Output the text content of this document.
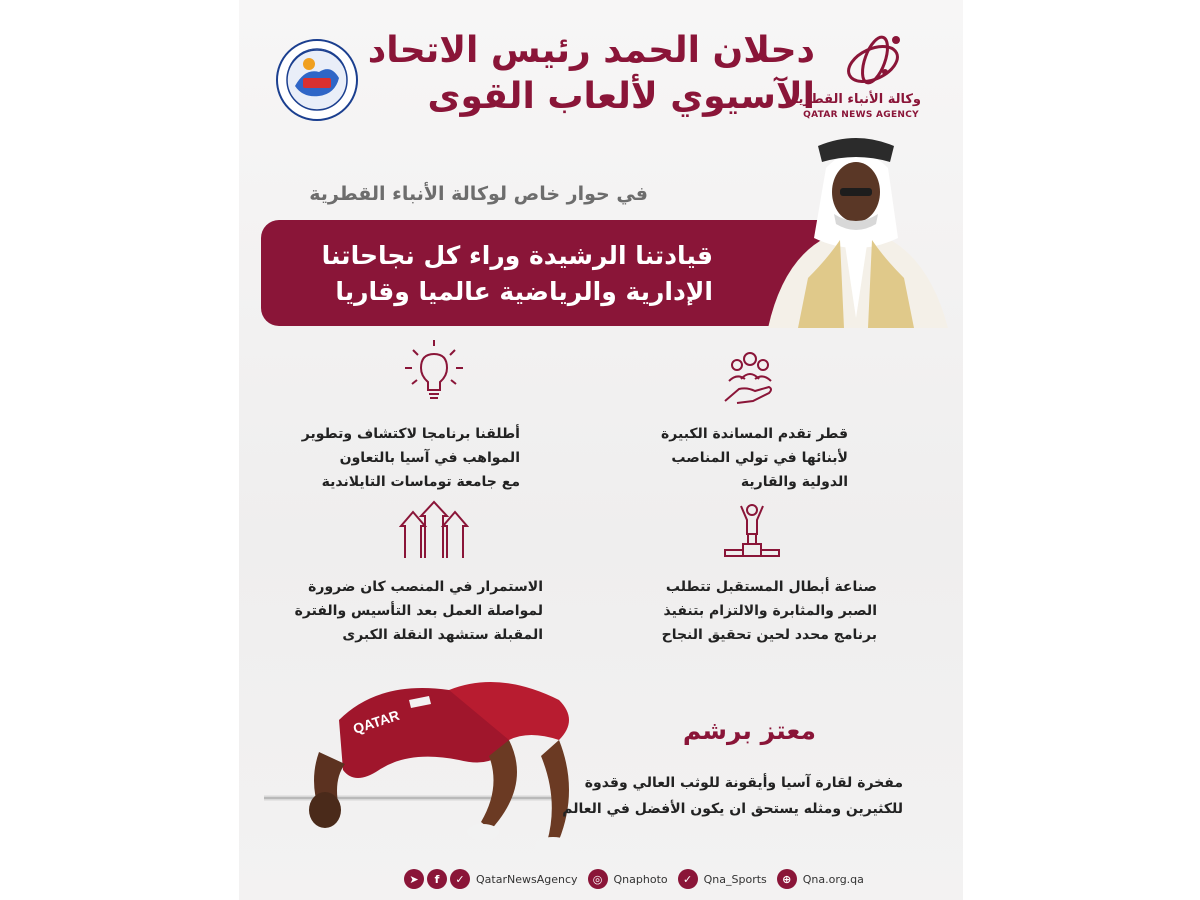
وكالة الأنباء القطرية
QATAR NEWS AGENCY
دحلان الحمد رئيس الاتحاد
الآسيوي لألعاب القوى
في حوار خاص لوكالة الأنباء القطرية
قيادتنا الرشيدة وراء كل نجاحاتنا
الإدارية والرياضية عالميا وقاريا
قطر تقدم المساندة الكبيرة
لأبنائها في تولي المناصب
الدولية والقارية
أطلقنا برنامجا لاكتشاف وتطوير
المواهب في آسيا بالتعاون
مع جامعة توماسات التايلاندية
صناعة أبطال المستقبل تتطلب
الصبر والمثابرة والالتزام بتنفيذ
برنامج محدد لحين تحقيق النجاح
الاستمرار في المنصب كان ضرورة
لمواصلة العمل بعد التأسيس والفترة
المقبلة ستشهد النقلة الكبرى
QATAR	معتز برشم
مفخرة لقارة آسيا وأيقونة للوثب العالي وقدوة
للكثيرين ومثله يستحق ان يكون الأفضل في العالم
➤	f	✓	QatarNewsAgency	◎	Qnaphoto	✓	Qna_Sports	⊕	Qna.org.qa
